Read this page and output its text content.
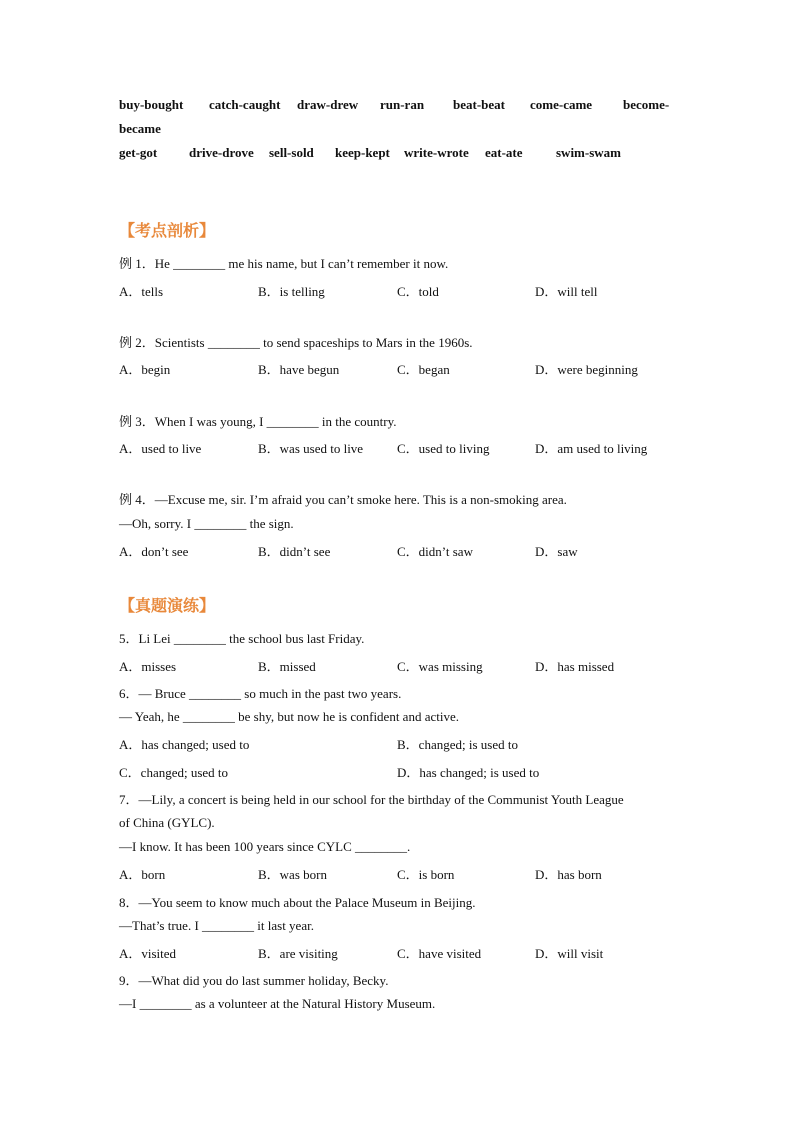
buy-bought catch-caught draw-drew run-ran beat-beat come-came become-
became
get-got drive-drove sell-sold keep-kept write-wrote eat-ate	swim-swam
【考点剖析】
例 1．He ________ me his name, but I can’t remember it now.
A．tells	B．is telling	C．told	D．will tell
例 2．Scientists ________ to send spaceships to Mars in the 1960s.
A．begin	B．have begun	C．began	D．were beginning
例 3．When I was young, I ________ in the country.
A．used to live	B．was used to live	C．used to living	D．am used to living
例 4．—Excuse me, sir. I’m afraid you can’t smoke here. This is a non-smoking area.
—Oh, sorry. I ________ the sign.
A．don’t see	B．didn’t see	C．didn’t saw	D．saw
【真题演练】
5．Li Lei ________ the school bus last Friday.
A．misses	B．missed	C．was missing	D．has missed
6．— Bruce ________ so much in the past two years.
— Yeah, he ________ be shy, but now he is confident and active.
A．has changed; used to	B．changed; is used to
C．changed; used to	D．has changed; is used to
7．—Lily, a concert is being held in our school for the birthday of the Communist Youth League
of China (GYLC).
—I know. It has been 100 years since CYLC ________.
A．born	B．was born	C．is born	D．has born
8．—You seem to know much about the Palace Museum in Beijing.
—That’s true. I ________ it last year.
A．visited	B．are visiting	C．have visited	D．will visit
9．—What did you do last summer holiday, Becky.
—I ________ as a volunteer at the Natural History Museum.
